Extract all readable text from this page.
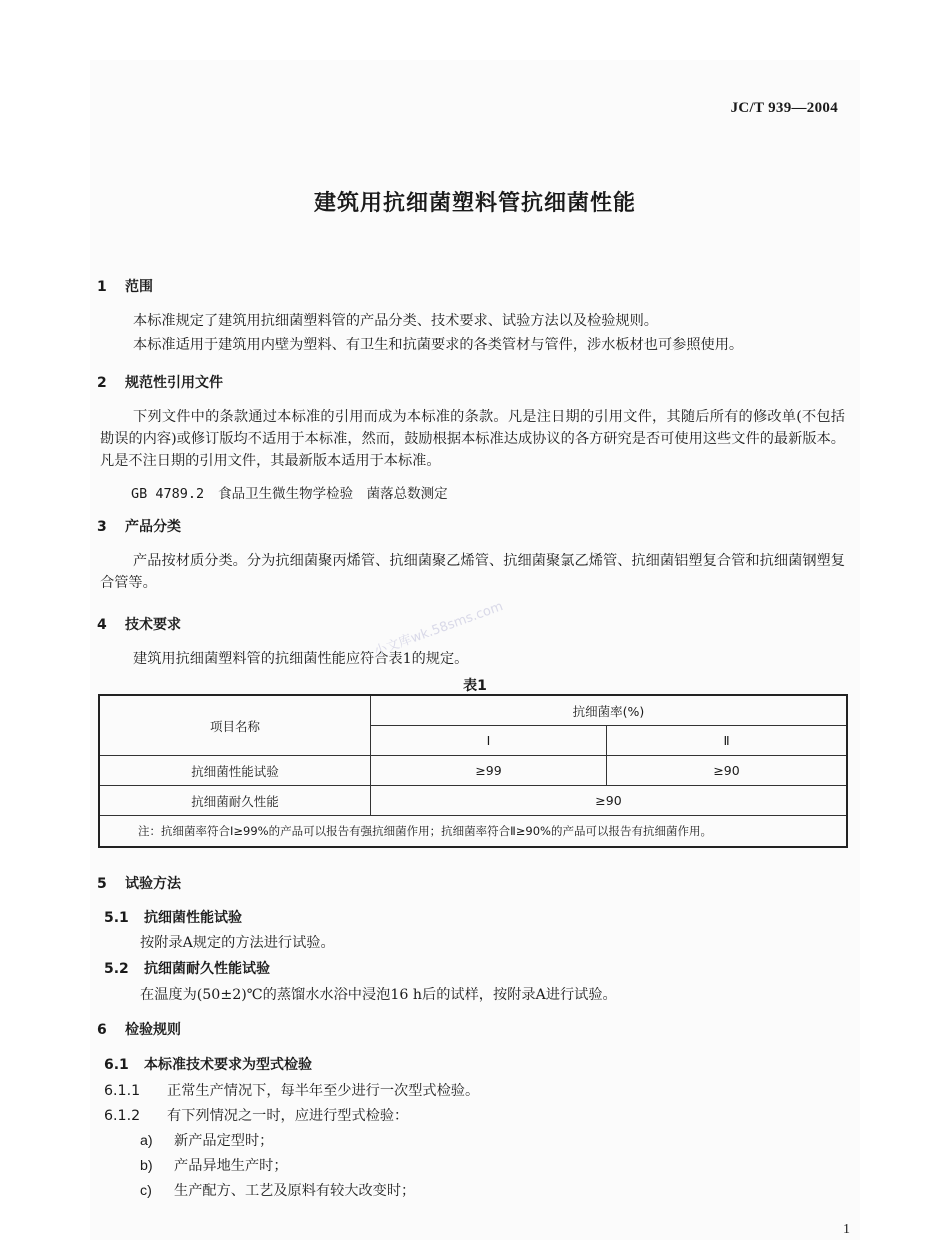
JC/T 939—2004
建筑用抗细菌塑料管抗细菌性能
1 范围
本标准规定了建筑用抗细菌塑料管的产品分类、技术要求、试验方法以及检验规则。
本标准适用于建筑用内壁为塑料、有卫生和抗菌要求的各类管材与管件，涉水板材也可参照使用。
2 规范性引用文件
下列文件中的条款通过本标准的引用而成为本标准的条款。凡是注日期的引用文件，其随后所有的修改单(不包括勘误的内容)或修订版均不适用于本标准，然而，鼓励根据本标准达成协议的各方研究是否可使用这些文件的最新版本。凡是不注日期的引用文件，其最新版本适用于本标准。
GB 4789.2 食品卫生微生物学检验　菌落总数测定
3 产品分类
产品按材质分类。分为抗细菌聚丙烯管、抗细菌聚乙烯管、抗细菌聚氯乙烯管、抗细菌铝塑复合管和抗细菌钢塑复合管等。
4 技术要求
建筑用抗细菌塑料管的抗细菌性能应符合表1的规定。
小文库wk.58sms.com
表1
项目名称	抗细菌率(%)	
	Ⅰ	Ⅱ
抗细菌性能试验	≥99	≥90
抗细菌耐久性能	≥90	
注：抗细菌率符合Ⅰ≥99%的产品可以报告有强抗细菌作用；抗细菌率符合Ⅱ≥90%的产品可以报告有抗细菌作用。		
5 试验方法
5.1 抗细菌性能试验
按附录A规定的方法进行试验。
5.2 抗细菌耐久性能试验
在温度为(50±2)℃的蒸馏水水浴中浸泡16 h后的试样，按附录A进行试验。
6 检验规则
6.1 本标准技术要求为型式检验
6.1.1 正常生产情况下，每半年至少进行一次型式检验。
6.1.2 有下列情况之一时，应进行型式检验：
a) 新产品定型时；
b) 产品异地生产时；
c) 生产配方、工艺及原料有较大改变时；
1
